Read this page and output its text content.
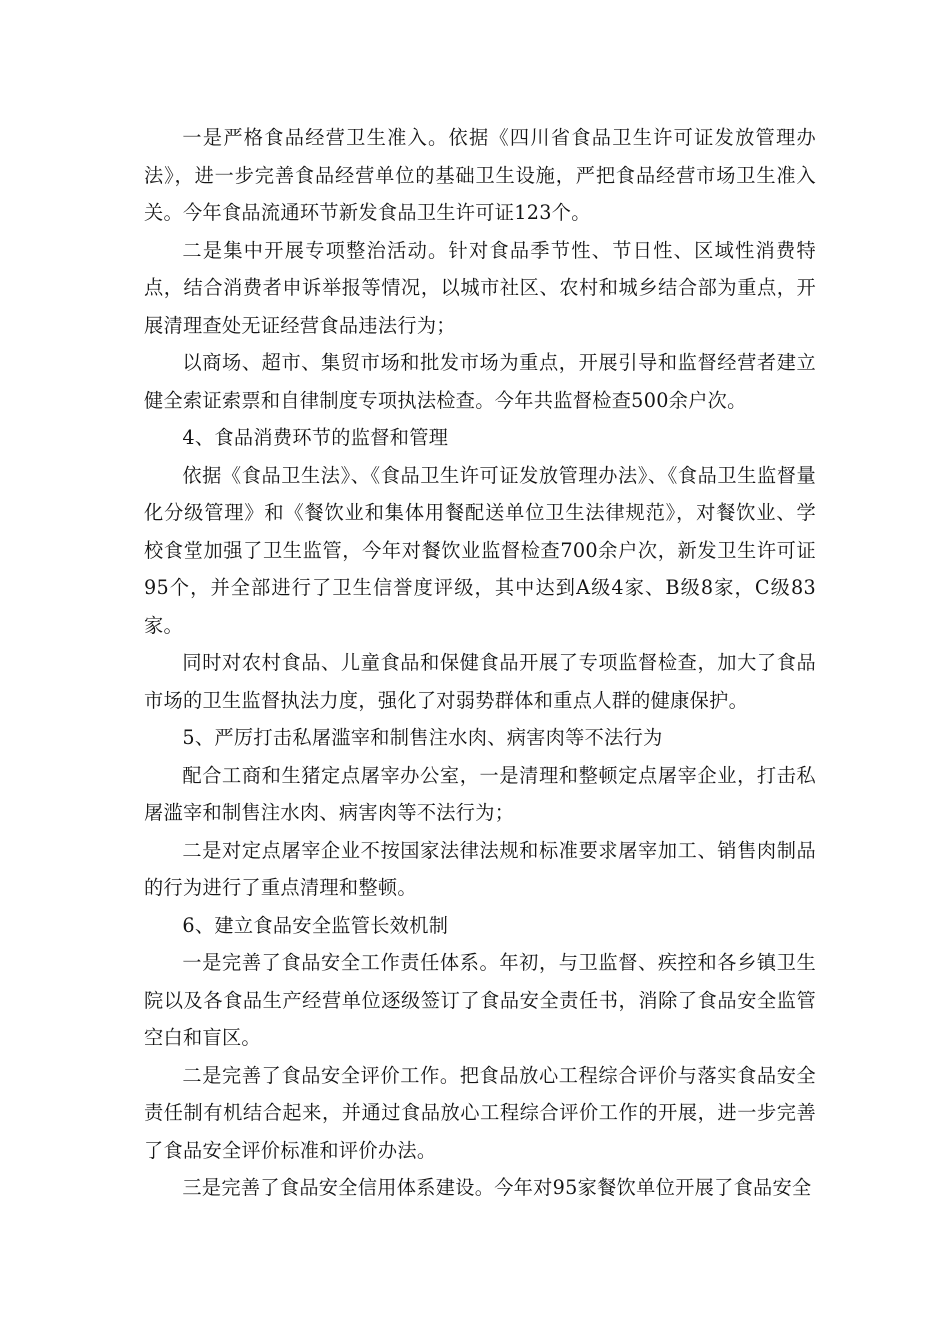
一是严格食品经营卫生准入。依据《四川省食品卫生许可证发放管理办法》，进一步完善食品经营单位的基础卫生设施，严把食品经营市场卫生准入关。今年食品流通环节新发食品卫生许可证123个。

二是集中开展专项整治活动。针对食品季节性、节日性、区域性消费特点，结合消费者申诉举报等情况，以城市社区、农村和城乡结合部为重点，开展清理查处无证经营食品违法行为；

以商场、超市、集贸市场和批发市场为重点，开展引导和监督经营者建立健全索证索票和自律制度专项执法检查。今年共监督检查500余户次。

4、食品消费环节的监督和管理

依据《食品卫生法》、《食品卫生许可证发放管理办法》、《食品卫生监督量化分级管理》和《餐饮业和集体用餐配送单位卫生法律规范》，对餐饮业、学校食堂加强了卫生监管，今年对餐饮业监督检查700余户次，新发卫生许可证95个，并全部进行了卫生信誉度评级，其中达到A级4家、B级8家，C级83家。

同时对农村食品、儿童食品和保健食品开展了专项监督检查，加大了食品市场的卫生监督执法力度，强化了对弱势群体和重点人群的健康保护。

5、严厉打击私屠滥宰和制售注水肉、病害肉等不法行为

配合工商和生猪定点屠宰办公室，一是清理和整顿定点屠宰企业，打击私屠滥宰和制售注水肉、病害肉等不法行为；

二是对定点屠宰企业不按国家法律法规和标准要求屠宰加工、销售肉制品的行为进行了重点清理和整顿。

6、建立食品安全监管长效机制

一是完善了食品安全工作责任体系。年初，与卫监督、疾控和各乡镇卫生院以及各食品生产经营单位逐级签订了食品安全责任书，消除了食品安全监管空白和盲区。

二是完善了食品安全评价工作。把食品放心工程综合评价与落实食品安全责任制有机结合起来，并通过食品放心工程综合评价工作的开展，进一步完善了食品安全评价标准和评价办法。

三是完善了食品安全信用体系建设。今年对95家餐饮单位开展了食品安全
